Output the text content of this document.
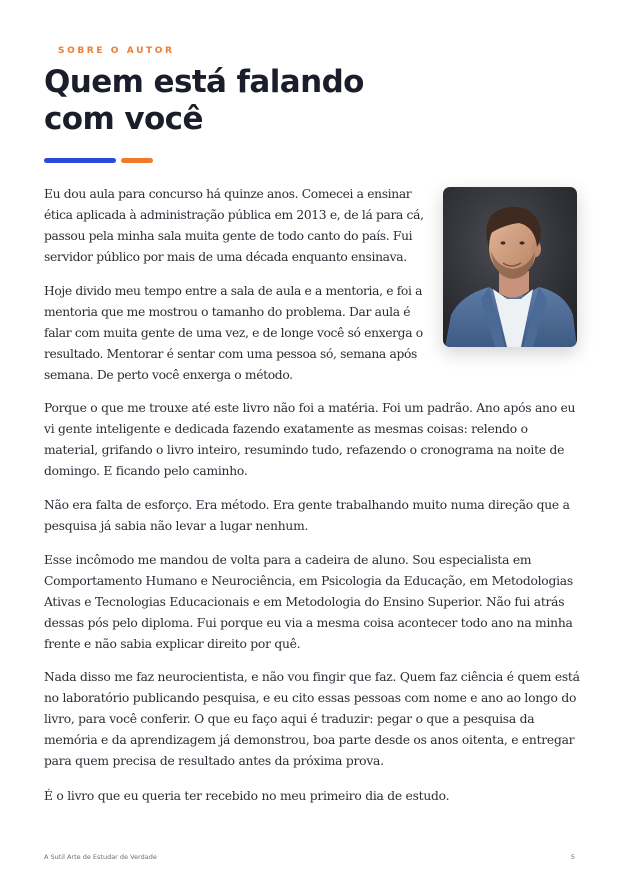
SOBRE O AUTOR
Quem está falando com você

Eu dou aula para concurso há quinze anos. Comecei a ensinar ética aplicada à administração pública em 2013 e, de lá para cá, passou pela minha sala muita gente de todo canto do país. Fui servidor público por mais de uma década enquanto ensinava.

Hoje divido meu tempo entre a sala de aula e a mentoria, e foi a mentoria que me mostrou o tamanho do problema. Dar aula é falar com muita gente de uma vez, e de longe você só enxerga o resultado. Mentorar é sentar com uma pessoa só, semana após semana. De perto você enxerga o método.

Porque o que me trouxe até este livro não foi a matéria. Foi um padrão. Ano após ano eu vi gente inteligente e dedicada fazendo exatamente as mesmas coisas: relendo o material, grifando o livro inteiro, resumindo tudo, refazendo o cronograma na noite de domingo. E ficando pelo caminho.

Não era falta de esforço. Era método. Era gente trabalhando muito numa direção que a pesquisa já sabia não levar a lugar nenhum.

Esse incômodo me mandou de volta para a cadeira de aluno. Sou especialista em Comportamento Humano e Neurociência, em Psicologia da Educação, em Metodologias Ativas e Tecnologias Educacionais e em Metodologia do Ensino Superior. Não fui atrás dessas pós pelo diploma. Fui porque eu via a mesma coisa acontecer todo ano na minha frente e não sabia explicar direito por quê.

Nada disso me faz neurocientista, e não vou fingir que faz. Quem faz ciência é quem está no laboratório publicando pesquisa, e eu cito essas pessoas com nome e ano ao longo do livro, para você conferir. O que eu faço aqui é traduzir: pegar o que a pesquisa da memória e da aprendizagem já demonstrou, boa parte desde os anos oitenta, e entregar para quem precisa de resultado antes da próxima prova.

É o livro que eu queria ter recebido no meu primeiro dia de estudo.

A Sutil Arte de Estudar de Verdade	5
